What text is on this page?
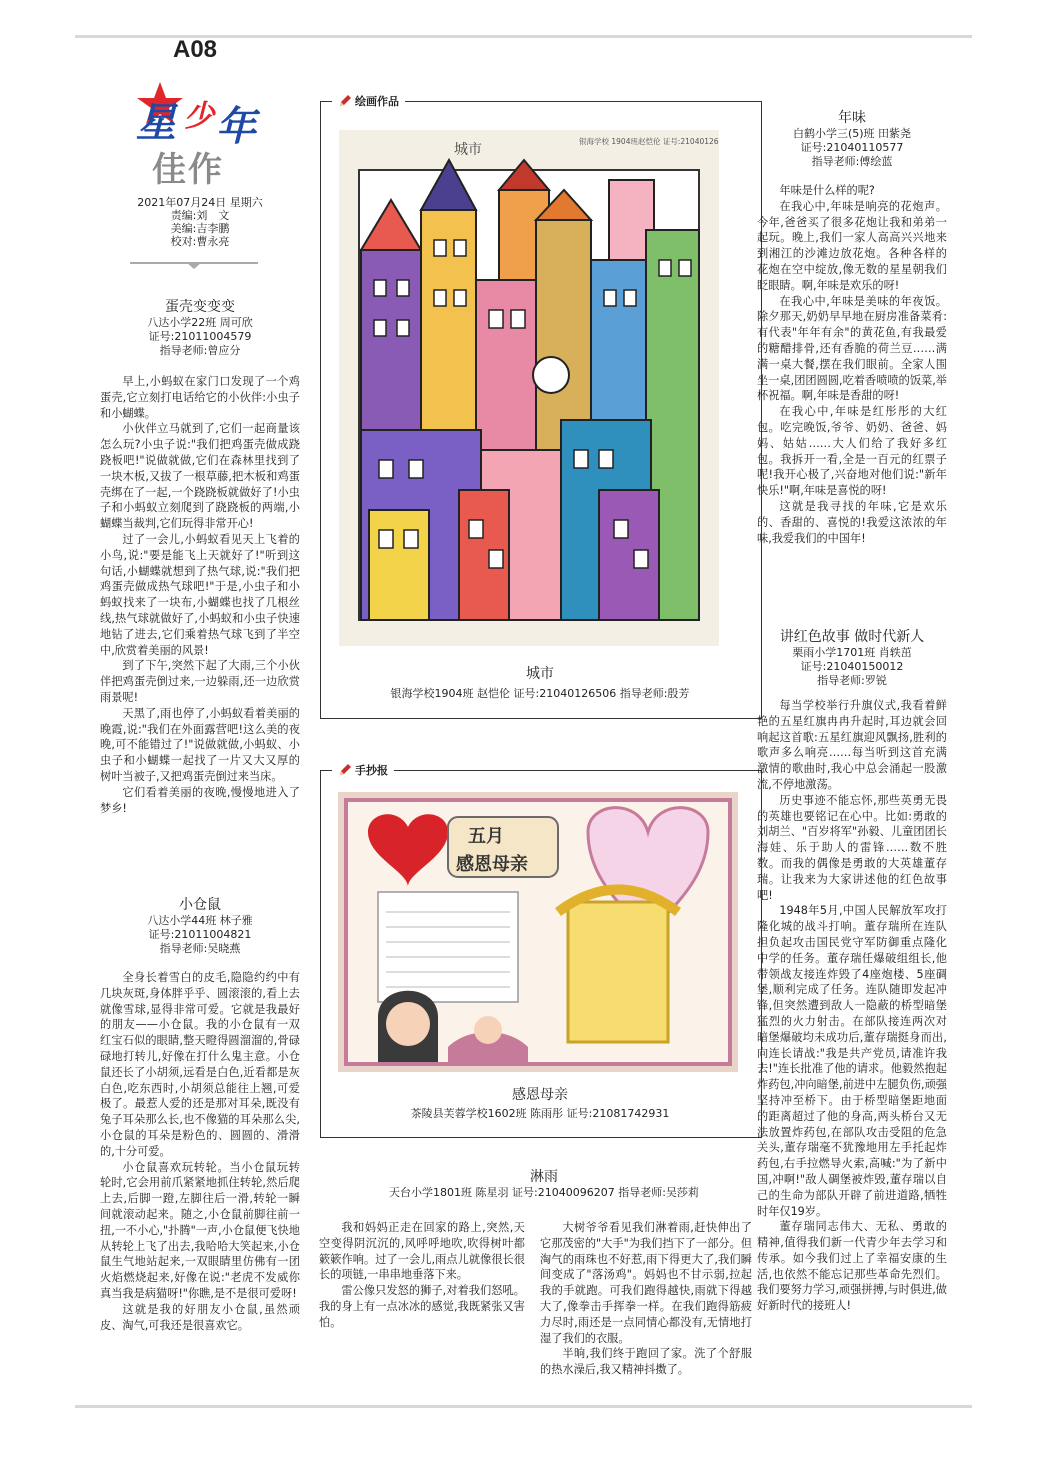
A08
星 少 年
佳作
2021年07月24日 星期六
责编:刘　文
美编:吉李鹏
校对:曹永亮
蛋壳变变变
八达小学22班 周可欣
证号:21011004579
指导老师:曾应分

早上,小蚂蚁在家门口发现了一个鸡蛋壳,它立刻打电话给它的小伙伴:小虫子和小蝴蝶。

小伙伴立马就到了,它们一起商量该怎么玩?小虫子说:"我们把鸡蛋壳做成跷跷板吧!"说做就做,它们在森林里找到了一块木板,又拔了一根草藤,把木板和鸡蛋壳绑在了一起,一个跷跷板就做好了!小虫子和小蚂蚁立刻爬到了跷跷板的两端,小蝴蝶当裁判,它们玩得非常开心!

过了一会儿,小蚂蚁看见天上飞着的小鸟,说:"要是能飞上天就好了!"听到这句话,小蝴蝶就想到了热气球,说:"我们把鸡蛋壳做成热气球吧!"于是,小虫子和小蚂蚁找来了一块布,小蝴蝶也找了几根丝线,热气球就做好了,小蚂蚁和小虫子快速地钻了进去,它们乘着热气球飞到了半空中,欣赏着美丽的风景!

到了下午,突然下起了大雨,三个小伙伴把鸡蛋壳倒过来,一边躲雨,还一边欣赏雨景呢!

天黑了,雨也停了,小蚂蚁看着美丽的晚霞,说:"我们在外面露营吧!这么美的夜晚,可不能错过了!"说做就做,小蚂蚁、小虫子和小蝴蝶一起找了一片又大又厚的树叶当被子,又把鸡蛋壳倒过来当床。

它们看着美丽的夜晚,慢慢地进入了梦乡!

小仓鼠
八达小学44班 林子雅
证号:21011004821
指导老师:吴晓燕

全身长着雪白的皮毛,隐隐约约中有几块灰斑,身体胖乎乎、圆滚滚的,看上去就像雪球,显得非常可爱。它就是我最好的朋友——小仓鼠。我的小仓鼠有一双红宝石似的眼睛,整天瞪得圆溜溜的,骨碌碌地打转儿,好像在打什么鬼主意。小仓鼠还长了小胡须,远看是白色,近看都是灰白色,吃东西时,小胡须总能往上翘,可爱极了。最惹人爱的还是那对耳朵,既没有兔子耳朵那么长,也不像猫的耳朵那么尖,小仓鼠的耳朵是粉色的、圆圆的、滑滑的,十分可爱。

小仓鼠喜欢玩转轮。当小仓鼠玩转轮时,它会用前爪紧紧地抓住转轮,然后爬上去,后脚一蹬,左脚往后一滑,转轮一瞬间就滚动起来。随之,小仓鼠前脚往前一扭,一不小心,"扑腾"一声,小仓鼠便飞快地从转轮上飞了出去,我哈哈大笑起来,小仓鼠生气地站起来,一双眼睛里仿佛有一团火焰燃烧起来,好像在说:"老虎不发威你真当我是病猫呀!"你瞧,是不是很可爱呀!

这就是我的好朋友小仓鼠,虽然顽皮、淘气,可我还是很喜欢它。

绘画作品
城市
银海学校 1904班赵恺伦 证号:21040126506
城市
银海学校1904班 赵恺伦 证号:21040126506 指导老师:殷芳
手抄报
五月
感恩母亲
感恩母亲
茶陵县芙蓉学校1602班 陈雨彤 证号:21081742931
淋雨
天台小学1801班 陈星羽 证号:21040096207 指导老师:吴莎莉

我和妈妈正走在回家的路上,突然,天空变得阴沉沉的,风呼呼地吹,吹得树叶都簌簌作响。过了一会儿,雨点儿就像很长很长的项链,一串串地垂落下来。

雷公像只发怒的狮子,对着我们怒吼。我的身上有一点冰冰的感觉,我既紧张又害怕。

大树爷爷看见我们淋着雨,赶快伸出了它那茂密的"大手"为我们挡下了一部分。但淘气的雨珠也不好惹,雨下得更大了,我们瞬间变成了"落汤鸡"。妈妈也不甘示弱,拉起我的手就跑。可我们跑得越快,雨就下得越大了,像拳击手挥拳一样。在我们跑得筋疲力尽时,雨还是一点同情心都没有,无情地打湿了我们的衣服。

半晌,我们终于跑回了家。洗了个舒服的热水澡后,我又精神抖擞了。

年味
白鹤小学三(5)班 田紫尧
证号:21040110577
指导老师:傅绘蓝

年味是什么样的呢?

在我心中,年味是响亮的花炮声。今年,爸爸买了很多花炮让我和弟弟一起玩。晚上,我们一家人高高兴兴地来到湘江的沙滩边放花炮。各种各样的花炮在空中绽放,像无数的星星朝我们眨眼睛。啊,年味是欢乐的呀!

在我心中,年味是美味的年夜饭。除夕那天,奶奶早早地在厨房准备菜肴:有代表"年年有余"的黄花鱼,有我最爱的糖醋排骨,还有香脆的荷兰豆……满满一桌大餐,摆在我们眼前。全家人围坐一桌,团团圆圆,吃着香喷喷的饭菜,举杯祝福。啊,年味是香甜的呀!

在我心中,年味是红彤彤的大红包。吃完晚饭,爷爷、奶奶、爸爸、妈妈、姑姑……大人们给了我好多红包。我拆开一看,全是一百元的红票子呢!我开心极了,兴奋地对他们说:"新年快乐!"啊,年味是喜悦的呀!

这就是我寻找的年味,它是欢乐的、香甜的、喜悦的!我爱这浓浓的年味,我爱我们的中国年!

讲红色故事 做时代新人
栗雨小学1701班 肖轶茁
证号:21040150012
指导老师:罗锐

每当学校举行升旗仪式,我看着鲜艳的五星红旗冉冉升起时,耳边就会回响起这首歌:五星红旗迎风飘扬,胜利的歌声多么响亮……每当听到这首充满激情的歌曲时,我心中总会涌起一股激流,不停地激荡。

历史事迹不能忘怀,那些英勇无畏的英雄也要铭记在心中。比如:勇敢的刘胡兰、"百岁将军"孙毅、儿童团团长海娃、乐于助人的雷锋……数不胜数。而我的偶像是勇敢的大英雄董存瑞。让我来为大家讲述他的红色故事吧!

1948年5月,中国人民解放军攻打隆化城的战斗打响。董存瑞所在连队担负起攻击国民党守军防御重点隆化中学的任务。董存瑞任爆破组组长,他带领战友接连炸毁了4座炮楼、5座碉堡,顺利完成了任务。连队随即发起冲锋,但突然遭到敌人一隐蔽的桥型暗堡猛烈的火力射击。在部队接连两次对暗堡爆破均未成功后,董存瑞挺身而出,向连长请战:"我是共产党员,请准许我去!"连长批准了他的请求。他毅然抱起炸药包,冲向暗堡,前进中左腿负伤,顽强坚持冲至桥下。由于桥型暗堡距地面的距离超过了他的身高,两头桥台又无法放置炸药包,在部队攻击受阻的危急关头,董存瑞毫不犹豫地用左手托起炸药包,右手拉燃导火索,高喊:"为了新中国,冲啊!"敌人碉堡被炸毁,董存瑞以自己的生命为部队开辟了前进道路,牺牲时年仅19岁。

董存瑞同志伟大、无私、勇敢的精神,值得我们新一代青少年去学习和传承。如今我们过上了幸福安康的生活,也依然不能忘记那些革命先烈们。我们要努力学习,顽强拼搏,与时俱进,做好新时代的接班人!
